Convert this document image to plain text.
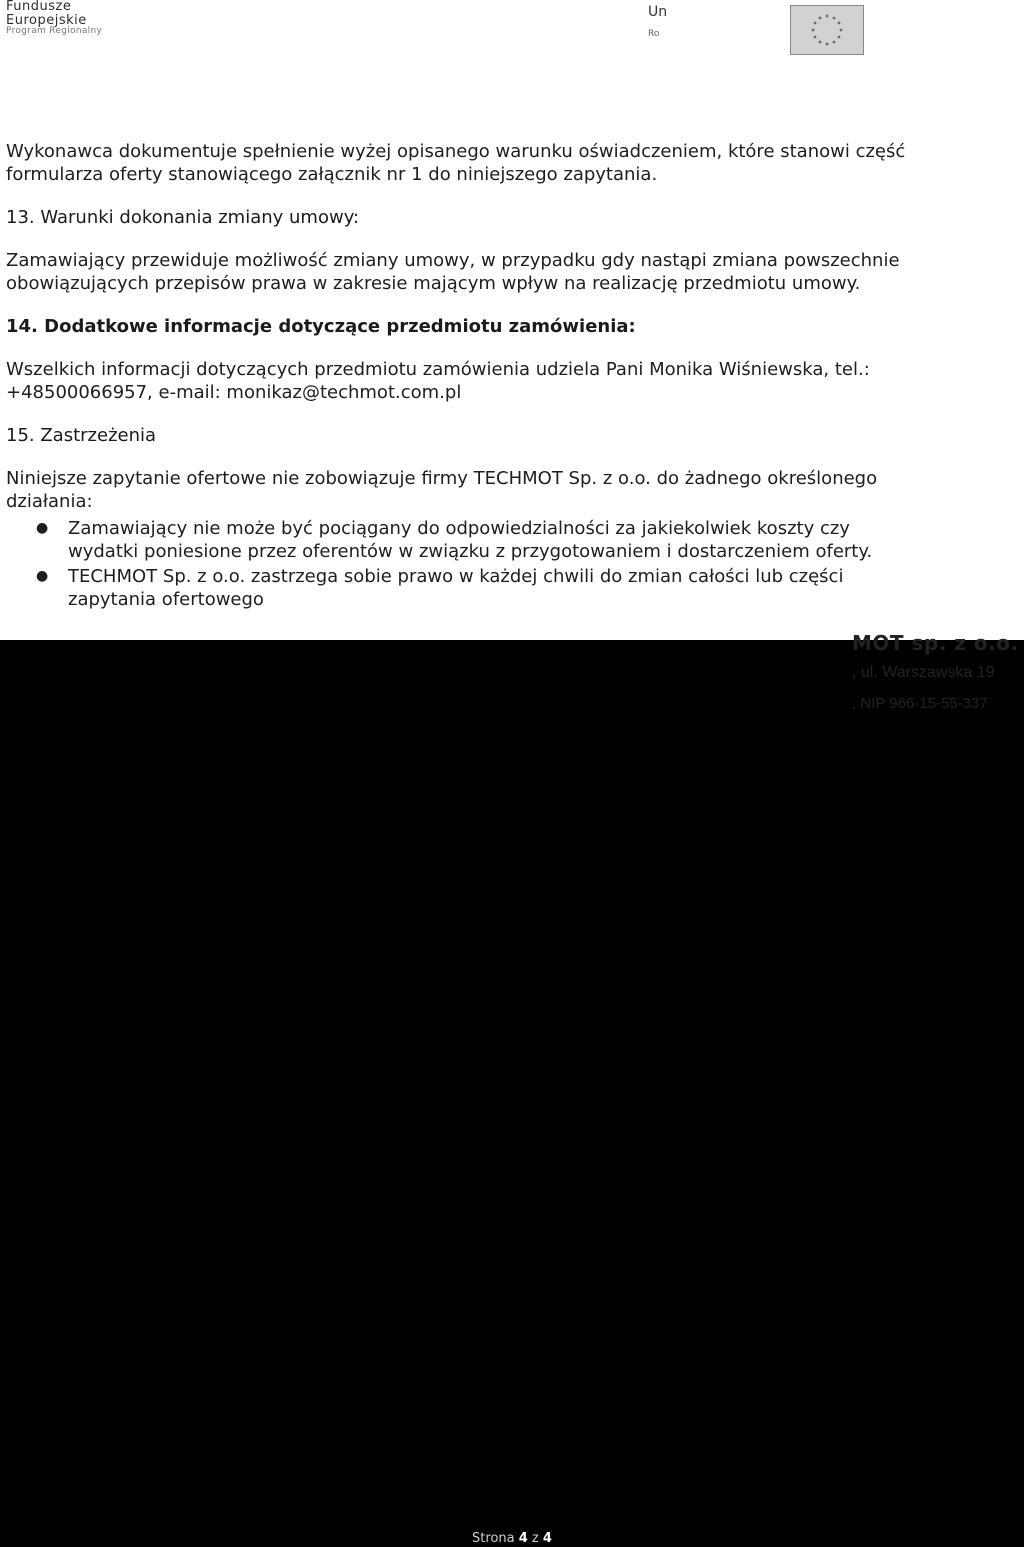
Fundusze
Europejskie
Program Regionalny
Un
Ro

Wykonawca dokumentuje spełnienie wyżej opisanego warunku oświadczeniem, które stanowi część formularza oferty stanowiącego załącznik nr 1 do niniejszego zapytania.

13. Warunki dokonania zmiany umowy:

Zamawiający przewiduje możliwość zmiany umowy, w przypadku gdy nastąpi zmiana powszechnie obowiązujących przepisów prawa w zakresie mającym wpływ na realizację przedmiotu umowy.

14. Dodatkowe informacje dotyczące przedmiotu zamówienia:

Wszelkich informacji dotyczących przedmiotu zamówienia udziela Pani Monika Wiśniewska, tel.: +48500066957, e-mail: monikaz@techmot.com.pl

15. Zastrzeżenia

Niniejsze zapytanie ofertowe nie zobowiązuje firmy TECHMOT Sp. z o.o. do żadnego określonego działania:

● Zamawiający nie może być pociągany do odpowiedzialności za jakiekolwiek koszty czy wydatki poniesione przez oferentów w związku z przygotowaniem i dostarczeniem oferty.
● TECHMOT Sp. z o.o. zastrzega sobie prawo w każdej chwili do zmian całości lub części zapytania ofertowego
MOT sp. z o.o.
, ul. Warszawska 19
, NIP 966-15-55-337
Strona 4 z 4
